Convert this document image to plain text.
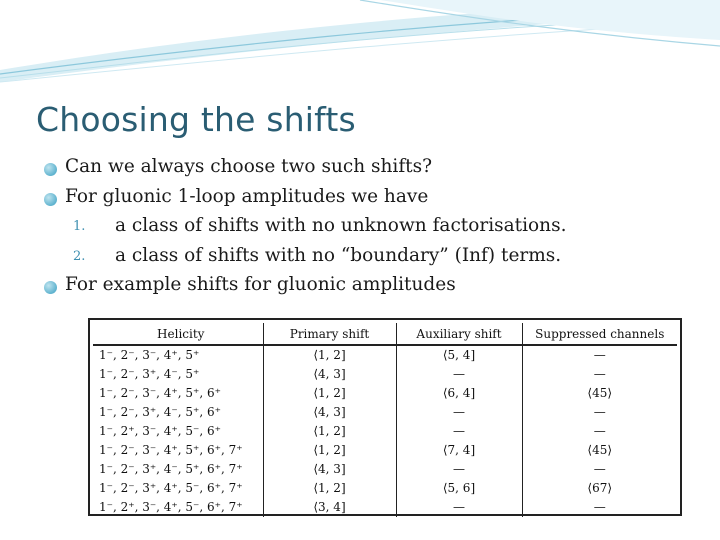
Choosing the shifts
Can we always choose two such shifts?
For gluonic 1-loop amplitudes we have
1. a class of shifts with no unknown factorisations.
2. a class of shifts with no “boundary” (Inf) terms.
For example shifts for gluonic amplitudes
Helicity	Primary shift	Auxiliary shift	Suppressed channels
1⁻, 2⁻, 3⁻, 4⁺, 5⁺	⟨1, 2]	⟨5, 4]	—
1⁻, 2⁻, 3⁺, 4⁻, 5⁺	⟨4, 3]	—	—
1⁻, 2⁻, 3⁻, 4⁺, 5⁺, 6⁺	⟨1, 2]	⟨6, 4]	⟨45⟩
1⁻, 2⁻, 3⁺, 4⁻, 5⁺, 6⁺	⟨4, 3]	—	—
1⁻, 2⁺, 3⁻, 4⁺, 5⁻, 6⁺	⟨1, 2]	—	—
1⁻, 2⁻, 3⁻, 4⁺, 5⁺, 6⁺, 7⁺	⟨1, 2]	⟨7, 4]	⟨45⟩
1⁻, 2⁻, 3⁺, 4⁻, 5⁺, 6⁺, 7⁺	⟨4, 3]	—	—
1⁻, 2⁻, 3⁺, 4⁺, 5⁻, 6⁺, 7⁺	⟨1, 2]	⟨5, 6]	⟨67⟩
1⁻, 2⁺, 3⁻, 4⁺, 5⁻, 6⁺, 7⁺	⟨3, 4]	—	—
